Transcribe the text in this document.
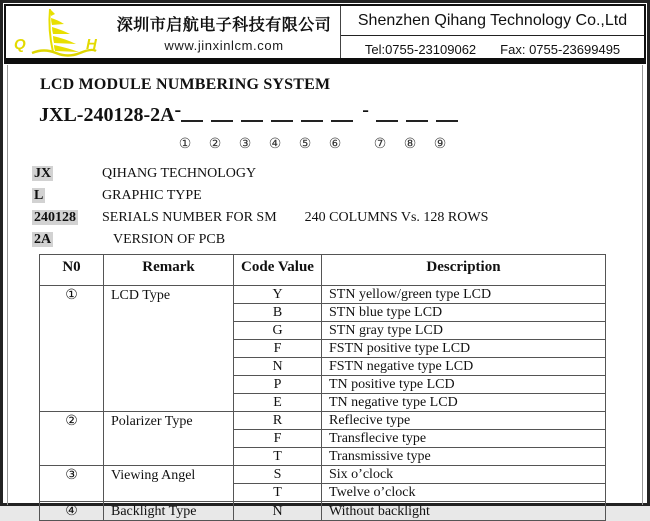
Q	H
深圳市启航电子科技有限公司
www.jinxinlcm.com
Shenzhen Qihang Technology Co.,Ltd
Tel:0755-23109062 Fax: 0755-23699495
LCD MODULE NUMBERING SYSTEM
JXL-240128-2A-	-
①	②	③	④	⑤	⑥	⑦	⑧	⑨
JX	QIHANG TECHNOLOGY
L	GRAPHIC TYPE
240128	SERIALS NUMBER FOR SM 240 COLUMNS Vs. 128 ROWS
2A	VERSION OF PCB
N0	Remark	Code Value	Description
①	LCD Type	Y	STN yellow/green type LCD
		B	STN blue type LCD
		G	STN gray type LCD
		F	FSTN positive type LCD
		N	FSTN negative type LCD
		P	TN positive type LCD
		E	TN negative type LCD
②	Polarizer Type	R	Reflecive type
		F	Transflecive type
		T	Transmissive type
③	Viewing Angel	S	Six o’clock
		T	Twelve o’clock
④	Backlight Type	N	Without backlight
